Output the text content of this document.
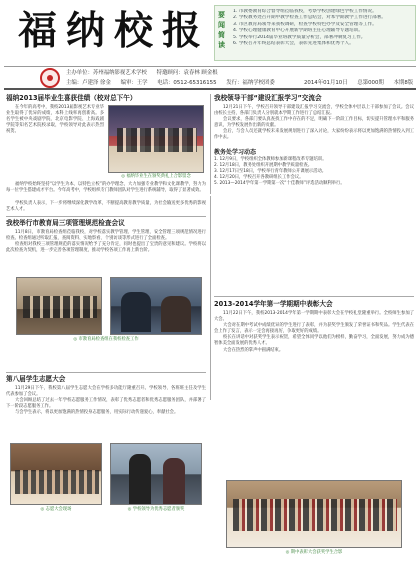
福纳校报 要闻简读
1. 市教委教育综合督导组莅临我校，考察学校创建绿色学校工作情况。
2. 学校教务处召开期中教学检查工作总结会，对本学期教学工作进行部署。
3. 市区教育局领导来我校调研，检查学校特色办学及安全管理等工作。
4. 学校心理健康教育中心开展新学期班主任心理辅导专题培训。
5. 学校举行2014届毕业班教学质量分析会，部署冲刺复习工作。
6. 学校召开年终总结表彰大会，表彰先进集体和优秀个人。
主办单位：苏州福纳影视艺术学校 特邀顾问：袁春林 顾金根
主编：卢建泽 徐金 编审：王学 电话：0512-65316155 发行：福纳学校团委	2014年01月10日 总第000期 本期8版
福纳2013届毕业生喜获佳绩（校对总下午）
在今年的高考中，我校2013届影视艺术专业毕业生取得了优异的成绩，本科上线率再创新高。多名学生被中央戏剧学院、北京电影学院、上海戏剧学院等知名艺术院校录取，学校领导对此表示热烈祝贺。
◎ 福纳毕业生在颁奖典礼上合影留念
福纳学校始终坚持“以学生为本、以特色立校”的办学理念，大力加强专业教学和文化课教学，努力为每一位学生搭建成才平台。今年高考中，学校组织专门教师团队对学生进行系统辅导，取得了显著成效。
学校负责人表示，下一步将继续深化教学改革，不断提高教育教学质量，为社会输送更多优秀的影视艺术人才。
我校举行市教育局三项管理规范检查会议
11月8日，市教育局检查组莅临我校，对学校落实教学管理、学生管理、安全管理三项规范情况进行检查。检查组通过听取汇报、查阅资料、实地察看、个别访谈等形式进行了全面检查。
检查组对我校三项管理规范的落实情况给予了充分肯定，同时也提出了宝贵的意见和建议。学校将以此次检查为契机，进一步完善各项管理制度，推动学校各项工作再上新台阶。
◎ 市教育局检查组在我校检查工作
第八届学生志愿大会
11月29日下午，我校第八届学生志愿大会在学校多功能厅隆重召开。学校领导、各班班主任及学生代表参加了会议。
大会回顾总结了过去一年学校志愿服务工作情况，表彰了优秀志愿者和优秀志愿服务团队，并部署了下一阶段志愿服务工作。
与会学生表示，将以更加饱满的热情投身志愿服务，用实际行动传递爱心，奉献社会。
◎ 志愿大会现场	◎ 学校领导为优秀志愿者颁奖
我校领导干部“建设汇报学习”交流会
12月21日下午，学校召开领导干部建设汇报学习交流会，学校全体中层以上干部参加了会议。会议由校长主持，各部门负责人分别就本学期工作进行了总结汇报。
会议要求，各部门要认真查找工作中存在的不足，明确下一阶段工作目标，切实提升管理水平和服务意识，为学校发展作出新的贡献。
会后，与会人员还就学校未来发展规划进行了深入讨论，大家纷纷表示将以更加饱满的热情投入到工作中去。
教务处学习动态
1. 12月9日，学校组织全体教师参加新课程改革专题培训。
2. 12月18日，教务处组织开展期中教学质量检查。
3. 12月17日至18日，学校举行青年教师公开课展示活动。
4. 12月20日，学校召开各教研组长工作会议。
5. 2013—2014学年第一学期第一次“十佳教师”评选活动顺利举行。
2013-2014学年第一学期期中表彰大会
11月22日下午，我校2013-2014学年第一学期期中表彰大会在学校礼堂隆重举行。全校师生参加了大会。
大会对在期中考试中成绩优异的学生进行了表彰，并为获奖学生颁发了荣誉证书和奖品。学生代表在会上作了发言，表示一定会再接再厉，争取更好的成绩。
校长在讲话中对获奖学生表示祝贺，希望全体同学以他们为榜样，勤奋学习，全面发展，努力成为德智体美全面发展的优秀人才。
大会在热烈的掌声中圆满结束。
◎ 期中表彰大会获奖学生合影
